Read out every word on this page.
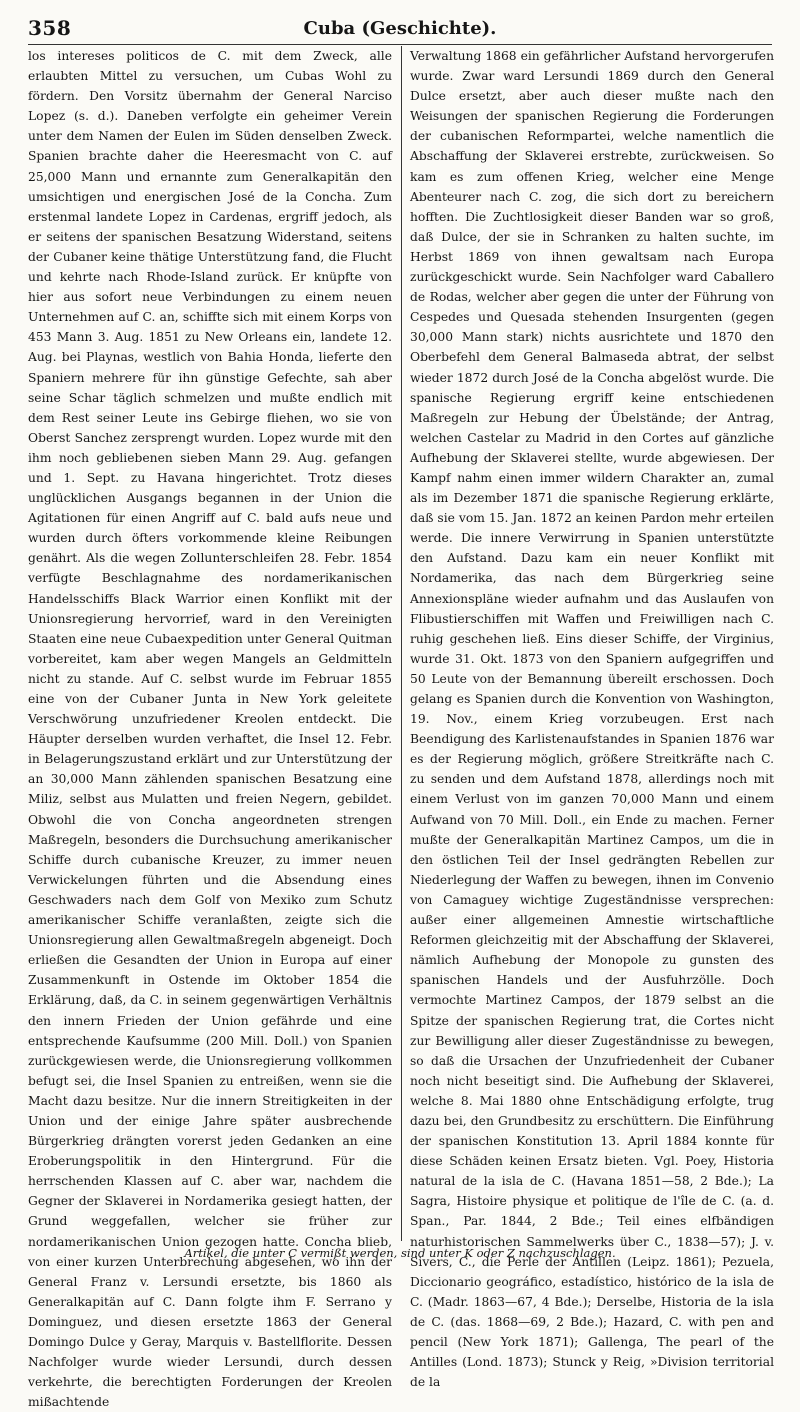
358	Cuba (Geschichte).

los intereses politicos de C. mit dem Zweck, alle erlaubten Mittel zu versuchen, um Cubas Wohl zu fördern. Den Vorsitz übernahm der General Narciso Lopez (s. d.). Daneben verfolgte ein geheimer Verein unter dem Namen der Eulen im Süden denselben Zweck. Spanien brachte daher die Heeresmacht von C. auf 25,000 Mann und ernannte zum Generalkapitän den umsichtigen und energischen José de la Concha. Zum erstenmal landete Lopez in Cardenas, ergriff jedoch, als er seitens der spanischen Besatzung Widerstand, seitens der Cubaner keine thätige Unterstützung fand, die Flucht und kehrte nach Rhode-Island zurück. Er knüpfte von hier aus sofort neue Verbindungen zu einem neuen Unternehmen auf C. an, schiffte sich mit einem Korps von 453 Mann 3. Aug. 1851 zu New Orleans ein, landete 12. Aug. bei Playnas, westlich von Bahia Honda, lieferte den Spaniern mehrere für ihn günstige Gefechte, sah aber seine Schar täglich schmelzen und mußte endlich mit dem Rest seiner Leute ins Gebirge fliehen, wo sie von Oberst Sanchez zersprengt wurden. Lopez wurde mit den ihm noch gebliebenen sieben Mann 29. Aug. gefangen und 1. Sept. zu Havana hingerichtet. Trotz dieses unglücklichen Ausgangs begannen in der Union die Agitationen für einen Angriff auf C. bald aufs neue und wurden durch öfters vorkommende kleine Reibungen genährt. Als die wegen Zollunterschleifen 28. Febr. 1854 verfügte Beschlagnahme des nordamerikanischen Handelsschiffs Black Warrior einen Konflikt mit der Unionsregierung hervorrief, ward in den Vereinigten Staaten eine neue Cubaexpedition unter General Quitman vorbereitet, kam aber wegen Mangels an Geldmitteln nicht zu stande. Auf C. selbst wurde im Februar 1855 eine von der Cubaner Junta in New York geleitete Verschwörung unzufriedener Kreolen entdeckt. Die Häupter derselben wurden verhaftet, die Insel 12. Febr. in Belagerungszustand erklärt und zur Unterstützung der an 30,000 Mann zählenden spanischen Besatzung eine Miliz, selbst aus Mulatten und freien Negern, gebildet. Obwohl die von Concha angeordneten strengen Maßregeln, besonders die Durchsuchung amerikanischer Schiffe durch cubanische Kreuzer, zu immer neuen Verwickelungen führten und die Absendung eines Geschwaders nach dem Golf von Mexiko zum Schutz amerikanischer Schiffe veranlaßten, zeigte sich die Unionsregierung allen Gewaltmaßregeln abgeneigt. Doch erließen die Gesandten der Union in Europa auf einer Zusammenkunft in Ostende im Oktober 1854 die Erklärung, daß, da C. in seinem gegenwärtigen Verhältnis den innern Frieden der Union gefährde und eine entsprechende Kaufsumme (200 Mill. Doll.) von Spanien zurückgewiesen werde, die Unionsregierung vollkommen befugt sei, die Insel Spanien zu entreißen, wenn sie die Macht dazu besitze. Nur die innern Streitigkeiten in der Union und der einige Jahre später ausbrechende Bürgerkrieg drängten vorerst jeden Gedanken an eine Eroberungspolitik in den Hintergrund. Für die herrschenden Klassen auf C. aber war, nachdem die Gegner der Sklaverei in Nordamerika gesiegt hatten, der Grund weggefallen, welcher sie früher zur nordamerikanischen Union gezogen hatte. Concha blieb, von einer kurzen Unterbrechung abgesehen, wo ihn der General Franz v. Lersundi ersetzte, bis 1860 als Generalkapitän auf C. Dann folgte ihm F. Serrano y Dominguez, und diesen ersetzte 1863 der General Domingo Dulce y Geray, Marquis v. Bastellflorite. Dessen Nachfolger wurde wieder Lersundi, durch dessen verkehrte, die berechtigten Forderungen der Kreolen mißachtende

Verwaltung 1868 ein gefährlicher Aufstand hervorgerufen wurde. Zwar ward Lersundi 1869 durch den General Dulce ersetzt, aber auch dieser mußte nach den Weisungen der spanischen Regierung die Forderungen der cubanischen Reformpartei, welche namentlich die Abschaffung der Sklaverei erstrebte, zurückweisen. So kam es zum offenen Krieg, welcher eine Menge Abenteurer nach C. zog, die sich dort zu bereichern hofften. Die Zuchtlosigkeit dieser Banden war so groß, daß Dulce, der sie in Schranken zu halten suchte, im Herbst 1869 von ihnen gewaltsam nach Europa zurückgeschickt wurde. Sein Nachfolger ward Caballero de Rodas, welcher aber gegen die unter der Führung von Cespedes und Quesada stehenden Insurgenten (gegen 30,000 Mann stark) nichts ausrichtete und 1870 den Oberbefehl dem General Balmaseda abtrat, der selbst wieder 1872 durch José de la Concha abgelöst wurde. Die spanische Regierung ergriff keine entschiedenen Maßregeln zur Hebung der Übelstände; der Antrag, welchen Castelar zu Madrid in den Cortes auf gänzliche Aufhebung der Sklaverei stellte, wurde abgewiesen. Der Kampf nahm einen immer wildern Charakter an, zumal als im Dezember 1871 die spanische Regierung erklärte, daß sie vom 15. Jan. 1872 an keinen Pardon mehr erteilen werde. Die innere Verwirrung in Spanien unterstützte den Aufstand. Dazu kam ein neuer Konflikt mit Nordamerika, das nach dem Bürgerkrieg seine Annexionspläne wieder aufnahm und das Auslaufen von Flibustierschiffen mit Waffen und Freiwilligen nach C. ruhig geschehen ließ. Eins dieser Schiffe, der Virginius, wurde 31. Okt. 1873 von den Spaniern aufgegriffen und 50 Leute von der Bemannung übereilt erschossen. Doch gelang es Spanien durch die Konvention von Washington, 19. Nov., einem Krieg vorzubeugen. Erst nach Beendigung des Karlistenaufstandes in Spanien 1876 war es der Regierung möglich, größere Streitkräfte nach C. zu senden und dem Aufstand 1878, allerdings noch mit einem Verlust von im ganzen 70,000 Mann und einem Aufwand von 70 Mill. Doll., ein Ende zu machen. Ferner mußte der Generalkapitän Martinez Campos, um die in den östlichen Teil der Insel gedrängten Rebellen zur Niederlegung der Waffen zu bewegen, ihnen im Convenio von Camaguey wichtige Zugeständnisse versprechen: außer einer allgemeinen Amnestie wirtschaftliche Reformen gleichzeitig mit der Abschaffung der Sklaverei, nämlich Aufhebung der Monopole zu gunsten des spanischen Handels und der Ausfuhrzölle. Doch vermochte Martinez Campos, der 1879 selbst an die Spitze der spanischen Regierung trat, die Cortes nicht zur Bewilligung aller dieser Zugeständnisse zu bewegen, so daß die Ursachen der Unzufriedenheit der Cubaner noch nicht beseitigt sind. Die Aufhebung der Sklaverei, welche 8. Mai 1880 ohne Entschädigung erfolgte, trug dazu bei, den Grundbesitz zu erschüttern. Die Einführung der spanischen Konstitution 13. April 1884 konnte für diese Schäden keinen Ersatz bieten. Vgl. Poey, Historia natural de la isla de C. (Havana 1851—58, 2 Bde.); La Sagra, Histoire physique et politique de l'île de C. (a. d. Span., Par. 1844, 2 Bde.; Teil eines elfbändigen naturhistorischen Sammelwerks über C., 1838—57); J. v. Sivers, C., die Perle der Antillen (Leipz. 1861); Pezuela, Diccionario geográfico, estadístico, histórico de la isla de C. (Madr. 1863—67, 4 Bde.); Derselbe, Historia de la isla de C. (das. 1868—69, 2 Bde.); Hazard, C. with pen and pencil (New York 1871); Gallenga, The pearl of the Antilles (Lond. 1873); Stunck y Reig, »Division territorial de la

Artikel, die unter C vermißt werden, sind unter K oder Z nachzuschlagen.
